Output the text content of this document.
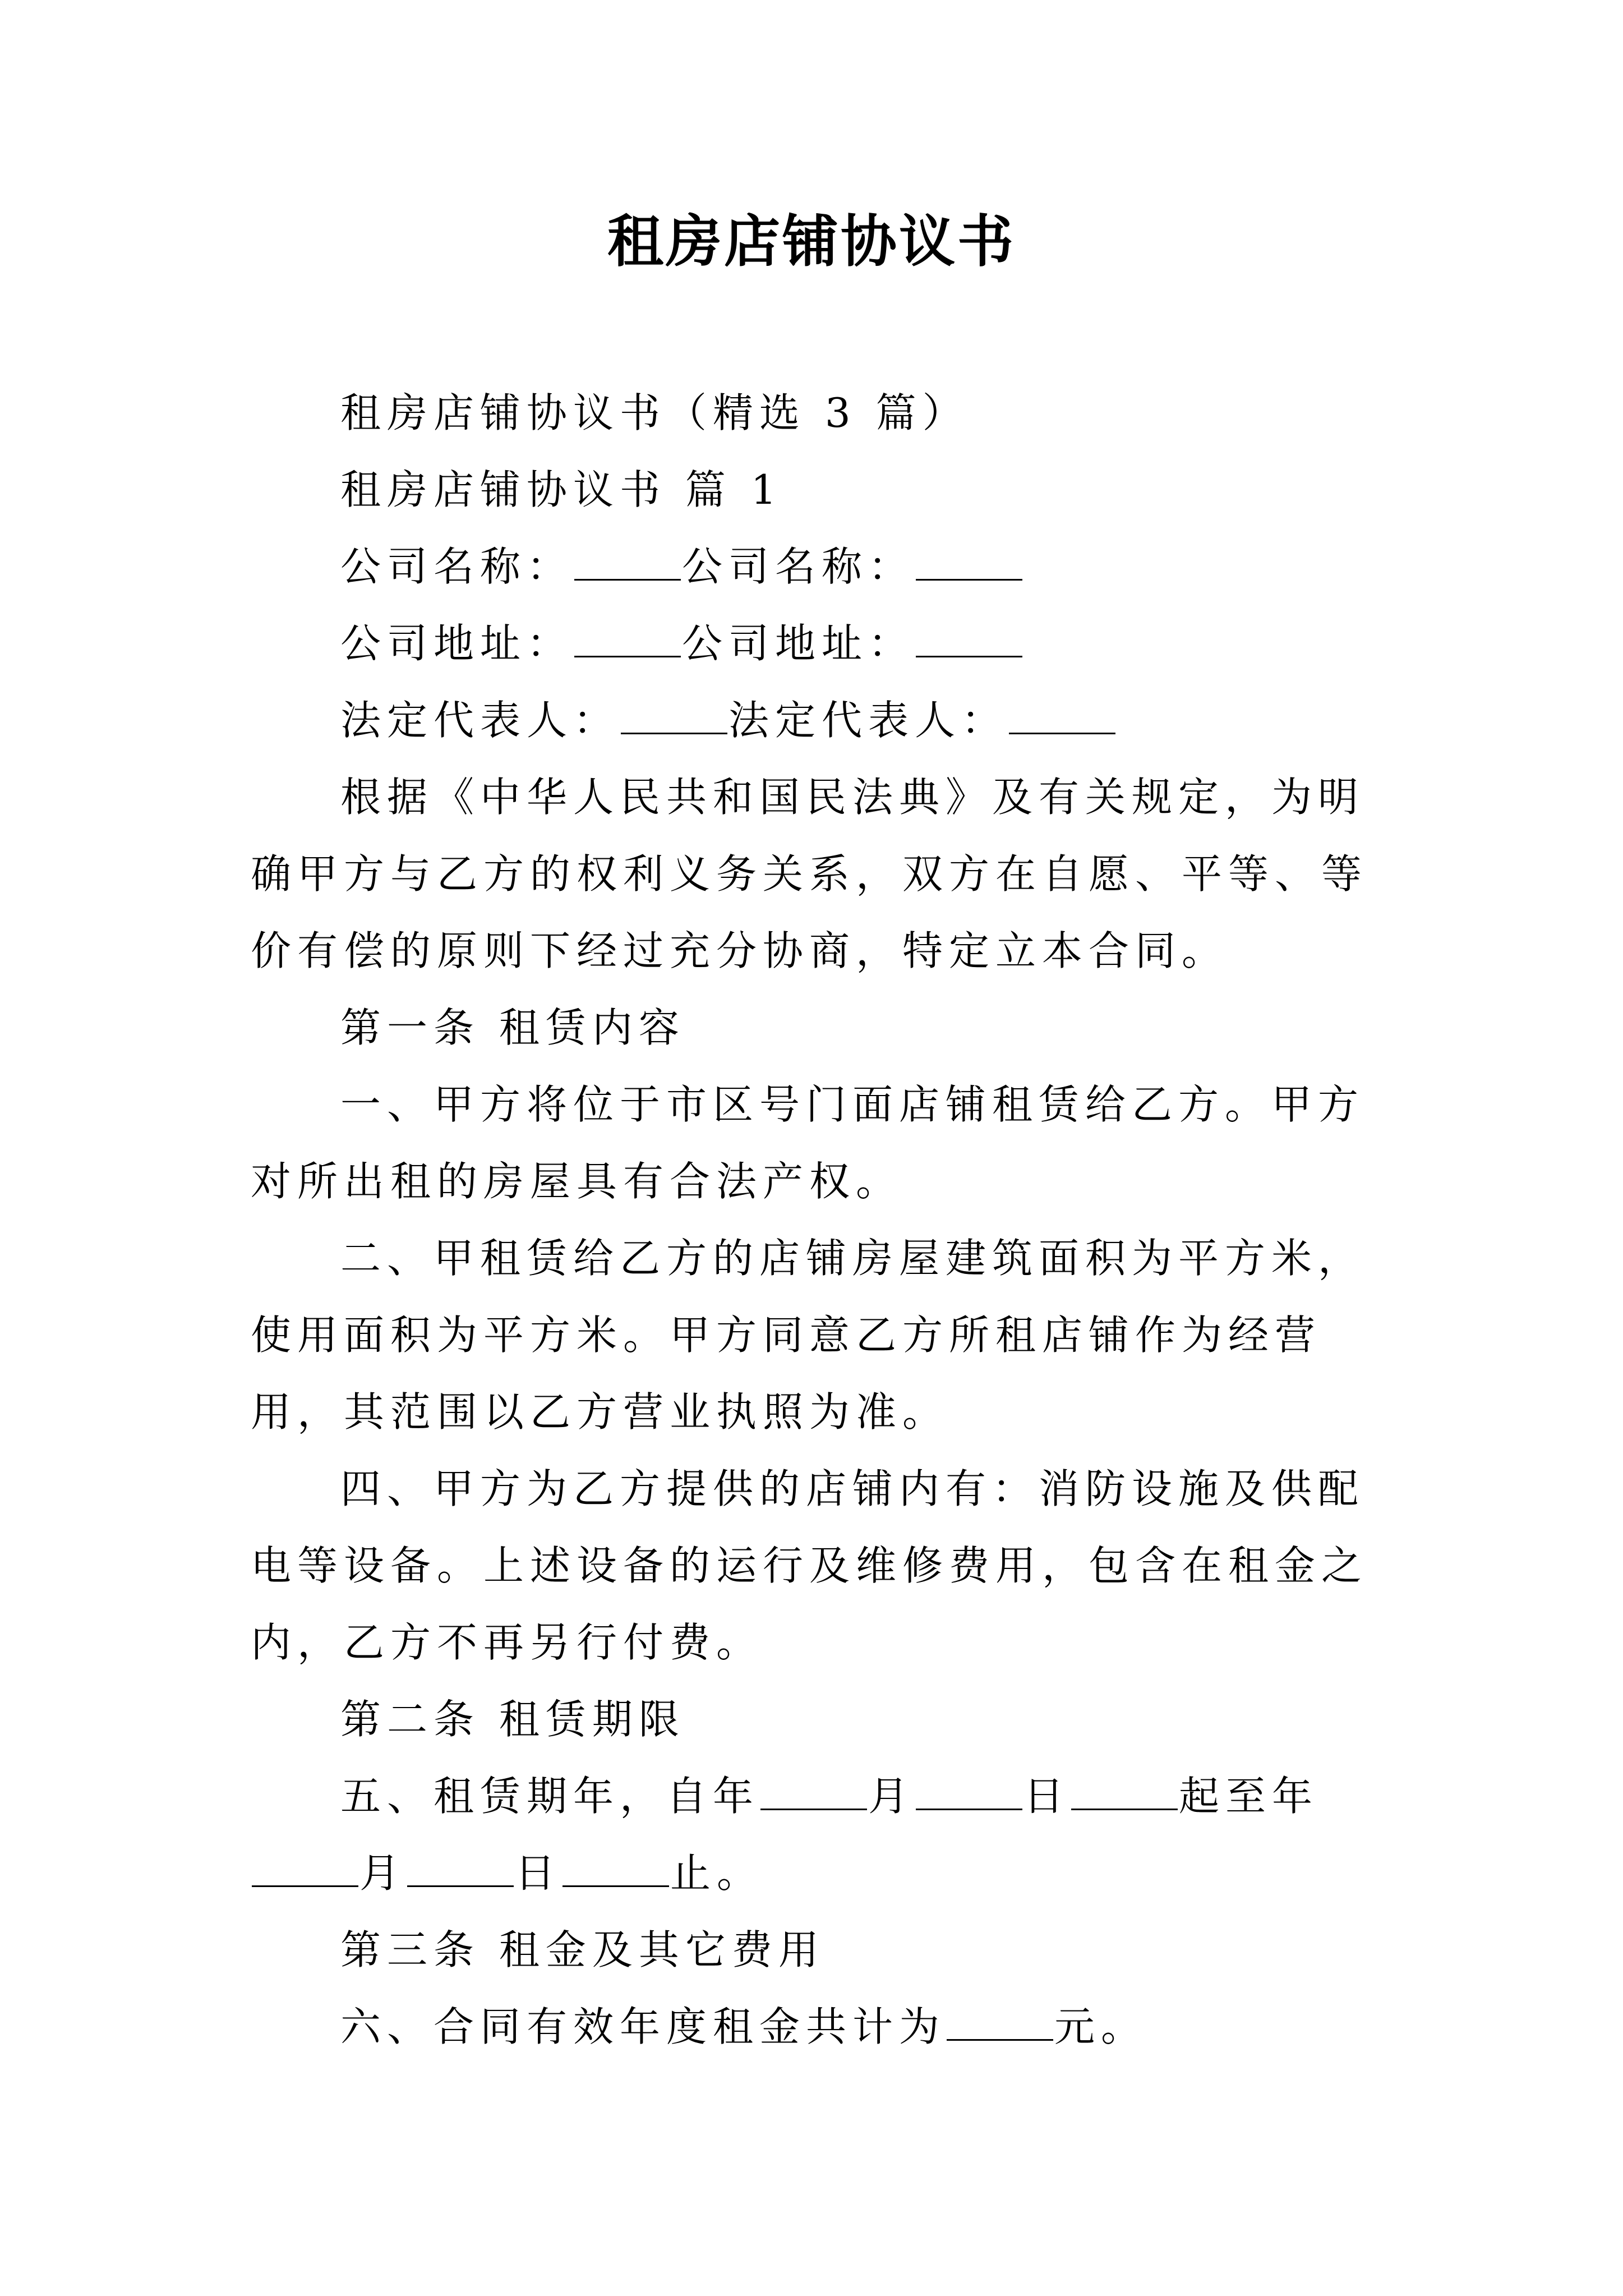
租房店铺协议书

租房店铺协议书（精选 3 篇）

租房店铺协议书 篇 1

公司名称：	公司名称：

公司地址：	公司地址：

法定代表人：	法定代表人：

根据《中华人民共和国民法典》及有关规定，为明确甲方与乙方的权利义务关系，双方在自愿、平等、等价有偿的原则下经过充分协商，特定立本合同。

第一条 租赁内容

一、甲方将位于市区号门面店铺租赁给乙方。甲方对所出租的房屋具有合法产权。

二、甲租赁给乙方的店铺房屋建筑面积为平方米，使用面积为平方米。甲方同意乙方所租店铺作为经营用，其范围以乙方营业执照为准。

四、甲方为乙方提供的店铺内有：消防设施及供配电等设备。上述设备的运行及维修费用，包含在租金之内，乙方不再另行付费。

第二条 租赁期限

五、租赁期年，自年	月	日	起至年月	日	止。

第三条 租金及其它费用

六、合同有效年度租金共计为	元。
